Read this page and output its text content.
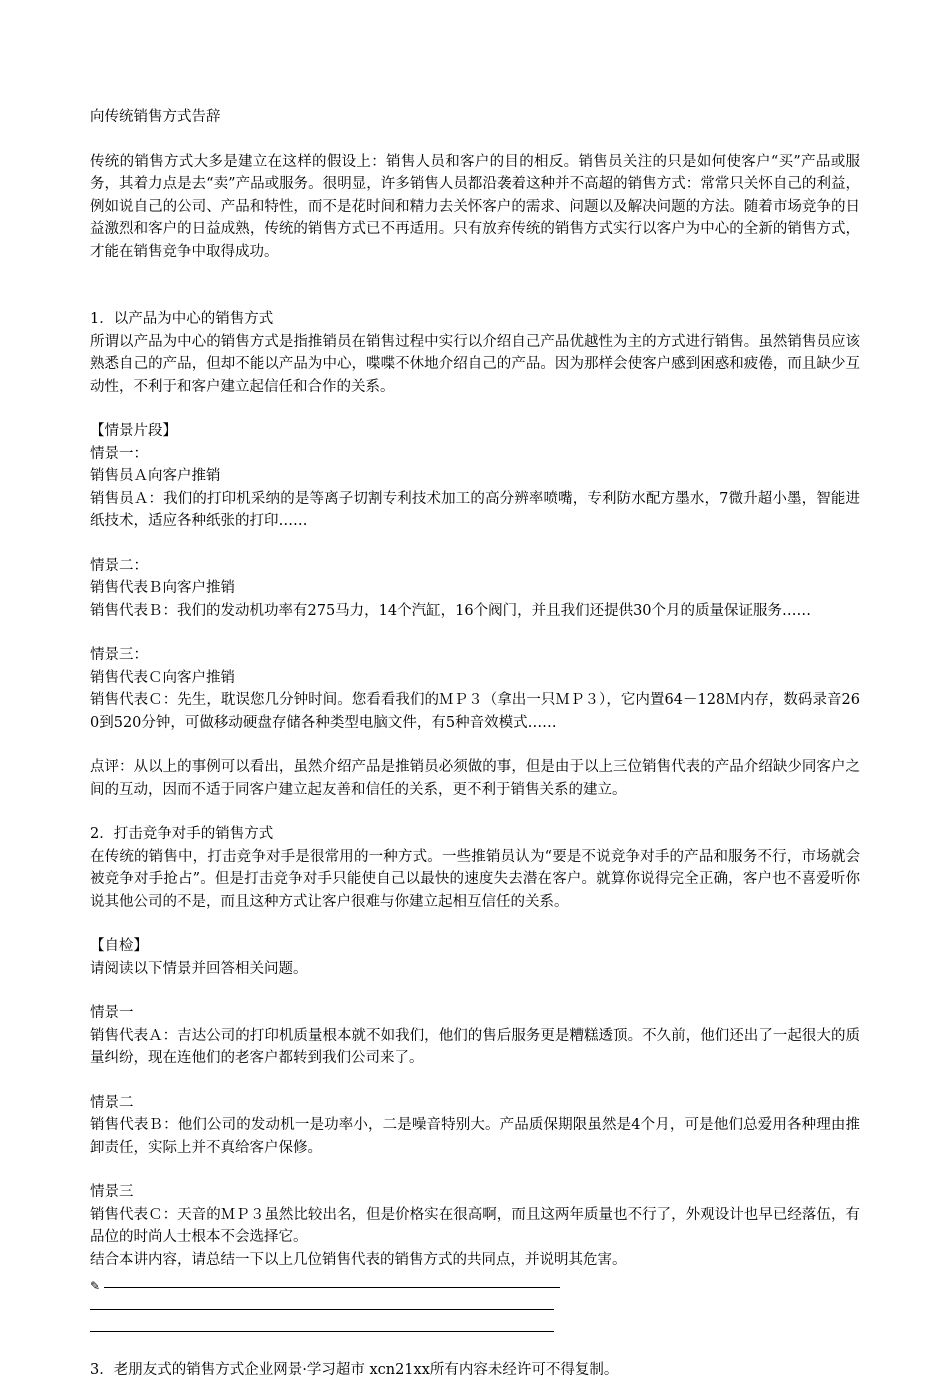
向传统销售方式告辞

传统的销售方式大多是建立在这样的假设上：销售人员和客户的目的相反。销售员关注的只是如何使客户“买”产品或服务，其着力点是去“卖”产品或服务。很明显，许多销售人员都沿袭着这种并不高超的销售方式：常常只关怀自己的利益，例如说自己的公司、产品和特性，而不是花时间和精力去关怀客户的需求、问题以及解决问题的方法。随着市场竞争的日益激烈和客户的日益成熟，传统的销售方式已不再适用。只有放弃传统的销售方式实行以客户为中心的全新的销售方式，才能在销售竞争中取得成功。

1．以产品为中心的销售方式

所谓以产品为中心的销售方式是指推销员在销售过程中实行以介绍自己产品优越性为主的方式进行销售。虽然销售员应该熟悉自己的产品，但却不能以产品为中心，喋喋不休地介绍自己的产品。因为那样会使客户感到困惑和疲倦，而且缺少互动性，不利于和客户建立起信任和合作的关系。

【情景片段】

情景一：

销售员Ａ向客户推销

销售员Ａ：我们的打印机采纳的是等离子切割专利技术加工的高分辨率喷嘴，专利防水配方墨水，7微升超小墨，智能进纸技术，适应各种纸张的打印……

情景二：

销售代表Ｂ向客户推销

销售代表Ｂ：我们的发动机功率有275马力，14个汽缸，16个阀门，并且我们还提供30个月的质量保证服务……

情景三：

销售代表Ｃ向客户推销

销售代表Ｃ：先生，耽误您几分钟时间。您看看我们的ＭＰ３（拿出一只ＭＰ３），它内置64－128Ｍ内存，数码录音260到520分钟，可做移动硬盘存储各种类型电脑文件，有5种音效模式……

点评：从以上的事例可以看出，虽然介绍产品是推销员必须做的事，但是由于以上三位销售代表的产品介绍缺少同客户之间的互动，因而不适于同客户建立起友善和信任的关系，更不利于销售关系的建立。

2．打击竞争对手的销售方式

在传统的销售中，打击竞争对手是很常用的一种方式。一些推销员认为“要是不说竞争对手的产品和服务不行，市场就会被竞争对手抢占”。但是打击竞争对手只能使自己以最快的速度失去潜在客户。就算你说得完全正确，客户也不喜爱听你说其他公司的不是，而且这种方式让客户很难与你建立起相互信任的关系。

【自检】

请阅读以下情景并回答相关问题。

情景一

销售代表Ａ：吉达公司的打印机质量根本就不如我们，他们的售后服务更是糟糕透顶。不久前，他们还出了一起很大的质量纠纷，现在连他们的老客户都转到我们公司来了。

情景二

销售代表Ｂ：他们公司的发动机一是功率小，二是噪音特别大。产品质保期限虽然是4个月，可是他们总爱用各种理由推卸责任，实际上并不真给客户保修。

情景三

销售代表Ｃ：天音的ＭＰ３虽然比较出名，但是价格实在很高啊，而且这两年质量也不行了，外观设计也早已经落伍，有品位的时尚人士根本不会选择它。

结合本讲内容，请总结一下以上几位销售代表的销售方式的共同点，并说明其危害。

✎

3．老朋友式的销售方式企业网景·学习超市 xcn21xx所有内容未经许可不得复制。
